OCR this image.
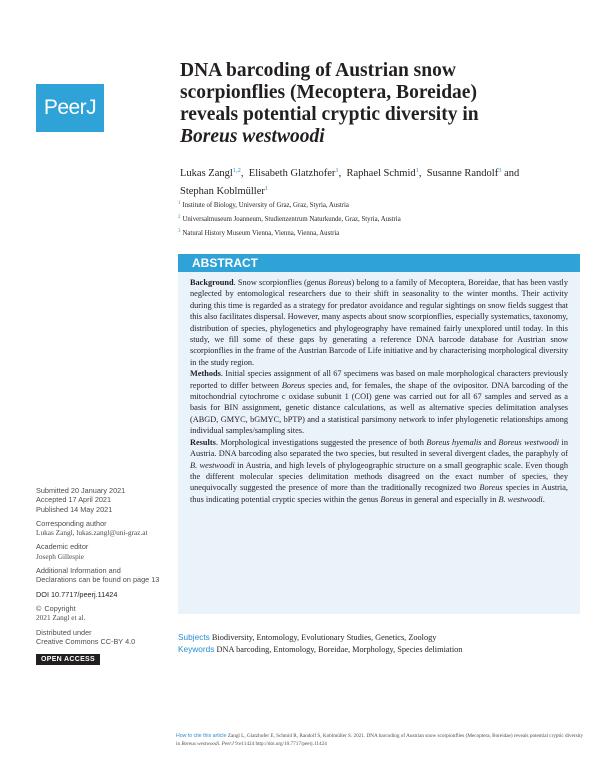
PeerJ
DNA barcoding of Austrian snow
scorpionflies (Mecoptera, Boreidae)
reveals potential cryptic diversity in
Boreus westwoodi
Lukas Zangl$^{1,2}$,  Elisabeth Glatzhofer$^1$,  Raphael Schmid$^1$,  Susanne Randolf$^3$ and
Stephan Koblmüller$^1$
$^1$ Institute of Biology, University of Graz, Graz, Styria, Austria
$^2$ Universalmuseum Joanneum, Studienzentrum Naturkunde, Graz, Styria, Austria
$^3$ Natural History Museum Vienna, Vienna, Vienna, Austria
ABSTRACT

Background. Snow scorpionflies (genus Boreus) belong to a family of Mecoptera, Boreidae, that has been vastly neglected by entomological researchers due to their shift in seasonality to the winter months. Their activity during this time is regarded as a strategy for predator avoidance and regular sightings on snow fields suggest that this also facilitates dispersal. However, many aspects about snow scorpionflies, especially systematics, taxonomy, distribution of species, phylogenetics and phylogeography have remained fairly unexplored until today. In this study, we fill some of these gaps by generating a reference DNA barcode database for Austrian snow scorpionflies in the frame of the Austrian Barcode of Life initiative and by characterising morphological diversity in the study region.

Methods. Initial species assignment of all 67 specimens was based on male morphological characters previously reported to differ between Boreus species and, for females, the shape of the ovipositor. DNA barcoding of the mitochondrial cytochrome c oxidase subunit 1 (COI) gene was carried out for all 67 samples and served as a basis for BIN assignment, genetic distance calculations, as well as alternative species delimitation analyses (ABGD, GMYC, bGMYC, bPTP) and a statistical parsimony network to infer phylogenetic relationships among individual samples/sampling sites.

Results. Morphological investigations suggested the presence of both Boreus hyemalis and Boreus westwoodi in Austria. DNA barcoding also separated the two species, but resulted in several divergent clades, the paraphyly of B. westwoodi in Austria, and high levels of phylogeographic structure on a small geographic scale. Even though the different molecular species delimitation methods disagreed on the exact number of species, they unequivocally suggested the presence of more than the traditionally recognized two Boreus species in Austria, thus indicating potential cryptic species within the genus Boreus in general and especially in B. westwoodi.

Submitted 20 January 2021
Accepted 17 April 2021
Published 14 May 2021
Corresponding author
Lukas Zangl, lukas.zangl@uni-graz.at
Academic editor
Joseph Gillespie
Additional Information and Declarations can be found on page 13
DOI 10.7717/peerj.11424
© Copyright
2021 Zangl et al.
Distributed under
Creative Commons CC-BY 4.0
OPEN ACCESS
Subjects Biodiversity, Entomology, Evolutionary Studies, Genetics, Zoology
Keywords DNA barcoding, Entomology, Boreidae, Morphology, Species delimiation
How to cite this article Zangl L, Glatzhofer E, Schmid R, Randolf S, Koblmüller S. 2021. DNA barcoding of Austrian snow scorpionflies (Mecoptera, Boreidae) reveals potential cryptic diversity in Boreus westwoodi. PeerJ 9:e11424 http://doi.org/10.7717/peerj.11424
